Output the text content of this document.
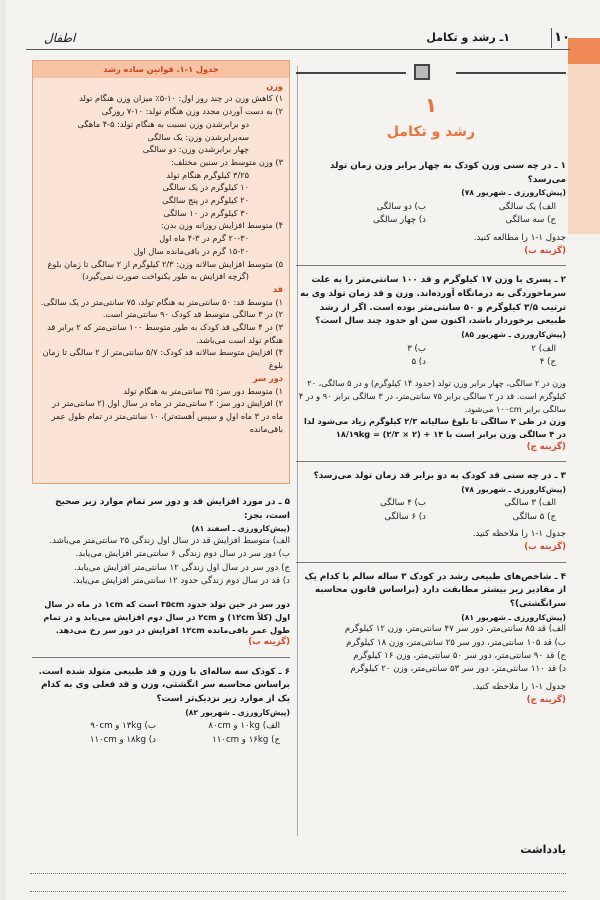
۱۰
۱ـ رشد و تکامل
اطفال
۱
رشد و تکامل
۱ ـ در چه سنی وزن کودک به چهار برابر وزن زمان تولد می‌رسد؟
(پیش‌کارورزی ـ شهریور ۷۸)
الف) یک سالگی
ب) دو سالگی
ج) سه سالگی
د) چهار سالگی
جدول ۱-۱ را مطالعه کنید.
(گزینه ب)
۲ ـ پسری با وزن ۱۷ کیلوگرم و قد ۱۰۰ سانتی‌متر را به علت سرماخوردگی به درمانگاه آورده‌اند. وزن و قد زمان تولد وی به ترتیب ۳/۵ کیلوگرم و ۵۰ سانتی‌متر بوده است. اگر از رشد طبیعی برخوردار باشد، اکنون سن او حدود چند سال است؟
(پیش‌کارورزی ـ شهریور ۸۵)
الف) ۲
ب) ۳
ج) ۴
د) ۵
وزن در ۲ سالگی، چهار برابر وزن تولد (حدود ۱۴ کیلوگرم) و در ۵ سالگی، ۲۰ کیلوگرم است. قد در ۲ سالگی برابر ۷۵ سانتی‌متر، در ۳ سالگی برابر ۹۰ و در ۴ سالگی برابر ۱۰۰cm می‌شود.
وزن در طی ۲ سالگی تا بلوغ سالیانه ۲/۳ کیلوگرم زیاد می‌شود لذا در ۴ سالگی وزن برابر است با ۱۸/۱۹kg = (۲/۳ × ۲) + ۱۴
(گزینه ج)
۳ ـ در چه سنی قد کودک به دو برابر قد زمان تولد می‌رسد؟
(پیش‌کارورزی ـ شهریور ۷۸)
الف) ۳ سالگی
ب) ۴ سالگی
ج) ۵ سالگی
د) ۶ سالگی
جدول ۱-۱ را ملاحظه کنید.
(گزینه ب)
۴ ـ شاخص‌های طبیعی رشد در کودک ۳ ساله سالم با کدام یک از مقادیر زیر بیشتر مطابقت دارد (براساس قانون محاسبه سرانگشتی)؟
(پیش‌کارورزی ـ شهریور ۸۱)
الف) قد ۸۵ سانتی‌متر، دور سر ۴۷ سانتی‌متر، وزن ۱۲ کیلوگرم
ب) قد ۱۰۵ سانتی‌متر، دور سر ۲۵ سانتی‌متر، وزن ۱۸ کیلوگرم
ج) قد ۹۰ سانتی‌متر، دور سر ۵۰ سانتی‌متر، وزن ۱۶ کیلوگرم
د) قد ۱۱۰ سانتی‌متر، دور سر ۵۳ سانتی‌متر، وزن ۲۰ کیلوگرم
جدول ۱-۱ را ملاحظه کنید.
(گزینه ج)
جدول ۱-۱. قوانین ساده رشد
وزن
۱) کاهش وزن در چند روز اول: ۱۰-۵٪ میزان وزن هنگام تولد
۲) به دست آوردن مجدد وزن هنگام تولد: ۱۰-۷ روزگی
دو برابرشدن وزن نسبت به هنگام تولد: ۵-۴ ماهگی
سه‌برابرشدن وزن: یک سالگی
چهار برابرشدن وزن: دو سالگی
۳) وزن متوسط در سنین مختلف:
۳/۲۵ کیلوگرم هنگام تولد
۱۰ کیلوگرم در یک سالگی
۲۰ کیلوگرم در پنج سالگی
۳۰ کیلوگرم در ۱۰ سالگی
۴) متوسط افزایش روزانه وزن بدن:
۲۰-۳۰ گرم در ۳-۴ ماه اول
۱۵-۲۰ گرم در باقی‌مانده سال اول
۵) متوسط افزایش سالانه وزن: ۲/۳ کیلوگرم از ۲ سالگی تا زمان بلوغ
(گرچه افزایش به طور یکنواخت صورت نمی‌گیرد)
قد
۱) متوسط قد: ۵۰ سانتی‌متر به هنگام تولد، ۷۵ سانتی‌متر در یک سالگی.
۲) در ۳ سالگی متوسط قد کودک ۹۰ سانتی‌متر است.
۳) در ۴ سالگی قد کودک به طور متوسط ۱۰۰ سانتی‌متر که ۲ برابر قد هنگام تولد است می‌باشد.
۴) افزایش متوسط سالانه قد کودک: ۵/۷ سانتی‌متر از ۲ سالگی تا زمان بلوغ
دور سر
۱) متوسط دور سر: ۳۵ سانتی‌متر به هنگام تولد
۲) افزایش دور سر: ۲ سانتی‌متر در ماه در سال اول (۲ سانتی‌متر در ماه در ۳ ماه اول و سپس آهسته‌تر)، ۱۰ سانتی‌متر در تمام طول عمر باقی‌مانده
۵ ـ در مورد افزایش قد و دور سر تمام موارد زیر صحیح است، بجز:
(پیش‌کارورزی ـ اسفند ۸۱)
الف) متوسط افزایش قد در سال اول زندگی ۲۵ سانتی‌متر می‌باشد.
ب) دور سر در سال دوم زندگی ۶ سانتی‌متر افزایش می‌یابد.
ج) دور سر در سال اول زندگی ۱۲ سانتی‌متر افزایش می‌یابد.
د) قد در سال دوم زندگی حدود ۱۲ سانتی‌متر افزایش می‌یابد.
دور سر در حین تولد حدود ۳۵cm است که ۱cm در ماه در سال اول (کلاً ۱۲cm) و ۲cm در سال دوم افزایش می‌یابد و در تمام طول عمر باقی‌مانده ۱۲cm افزایش در دور سر رخ می‌دهد.
(گزینه ب)
۶ ـ کودک سه ساله‌ای با وزن و قد طبیعی متولد شده است. براساس محاسبه سر انگشتی، وزن و قد فعلی وی به کدام یک از موارد زیر نزدیک‌تر است؟
(پیش‌کارورزی ـ شهریور ۸۲)
الف) ۱۰kg و ۸۰cm
ب) ۱۳kg و ۹۰cm
ج) ۱۶kg و ۱۱۰cm
د) ۱۸kg و ۱۱۰cm
یادداشت
